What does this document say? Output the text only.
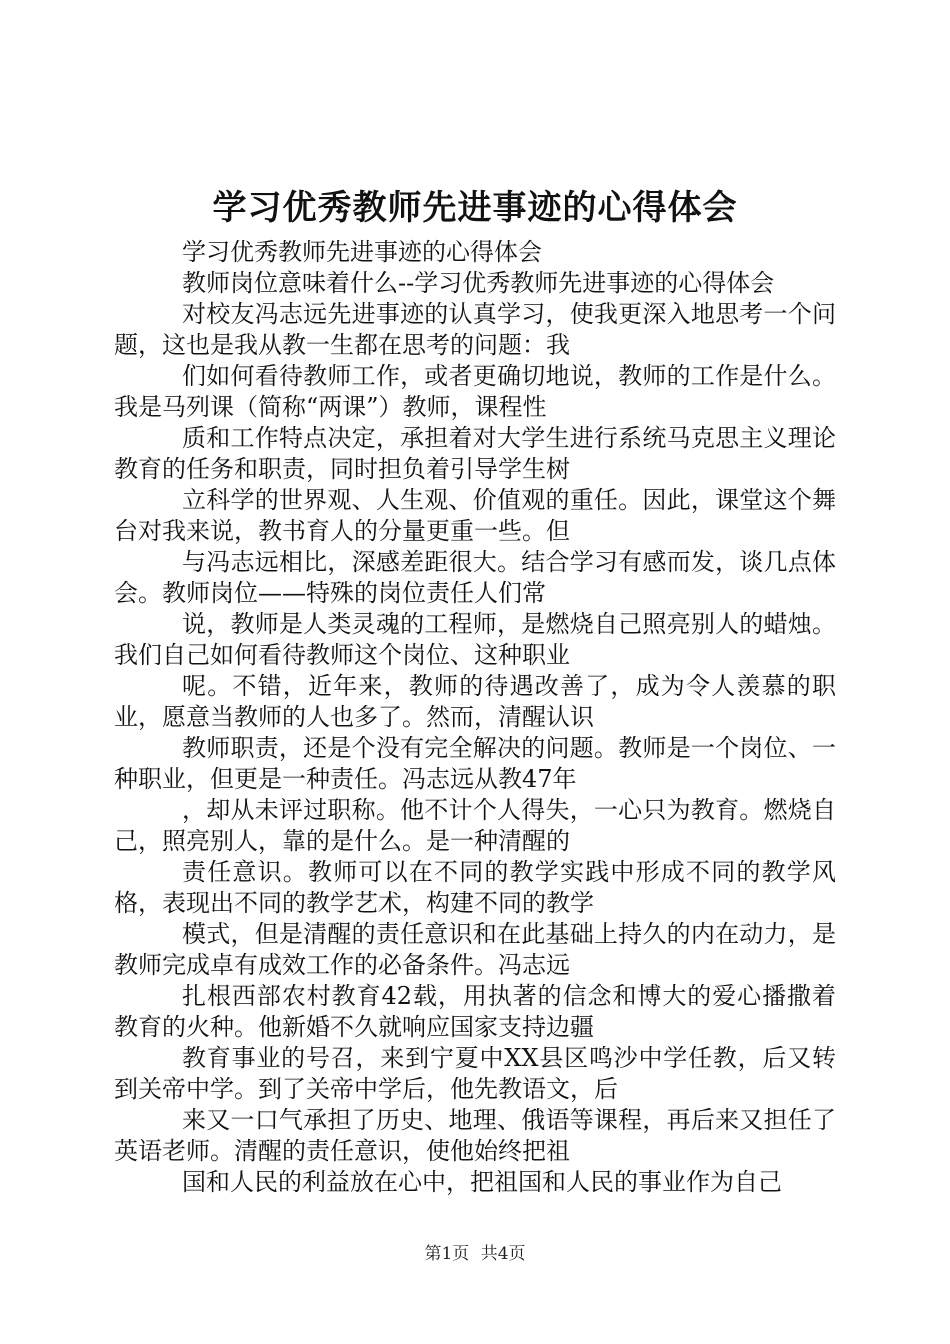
学习优秀教师先进事迹的心得体会

学习优秀教师先进事迹的心得体会

教师岗位意味着什么--学习优秀教师先进事迹的心得体会

对校友冯志远先进事迹的认真学习，使我更深入地思考一个问题，这也是我从教一生都在思考的问题：我

们如何看待教师工作，或者更确切地说，教师的工作是什么。我是马列课（简称“两课”）教师，课程性

质和工作特点决定，承担着对大学生进行系统马克思主义理论教育的任务和职责，同时担负着引导学生树

立科学的世界观、人生观、价值观的重任。因此，课堂这个舞台对我来说，教书育人的分量更重一些。但

与冯志远相比，深感差距很大。结合学习有感而发，谈几点体会。教师岗位——特殊的岗位责任人们常

说，教师是人类灵魂的工程师，是燃烧自己照亮别人的蜡烛。我们自己如何看待教师这个岗位、这种职业

呢。不错，近年来，教师的待遇改善了，成为令人羡慕的职业，愿意当教师的人也多了。然而，清醒认识

教师职责，还是个没有完全解决的问题。教师是一个岗位、一种职业，但更是一种责任。冯志远从教47年

，却从未评过职称。他不计个人得失，一心只为教育。燃烧自己，照亮别人，靠的是什么。是一种清醒的

责任意识。教师可以在不同的教学实践中形成不同的教学风格，表现出不同的教学艺术，构建不同的教学

模式，但是清醒的责任意识和在此基础上持久的内在动力，是教师完成卓有成效工作的必备条件。冯志远

扎根西部农村教育42载，用执著的信念和博大的爱心播撒着教育的火种。他新婚不久就响应国家支持边疆

教育事业的号召，来到宁夏中XX县区鸣沙中学任教，后又转到关帝中学。到了关帝中学后，他先教语文，后

来又一口气承担了历史、地理、俄语等课程，再后来又担任了英语老师。清醒的责任意识，使他始终把祖

国和人民的利益放在心中，把祖国和人民的事业作为自己

第1页 共4页
